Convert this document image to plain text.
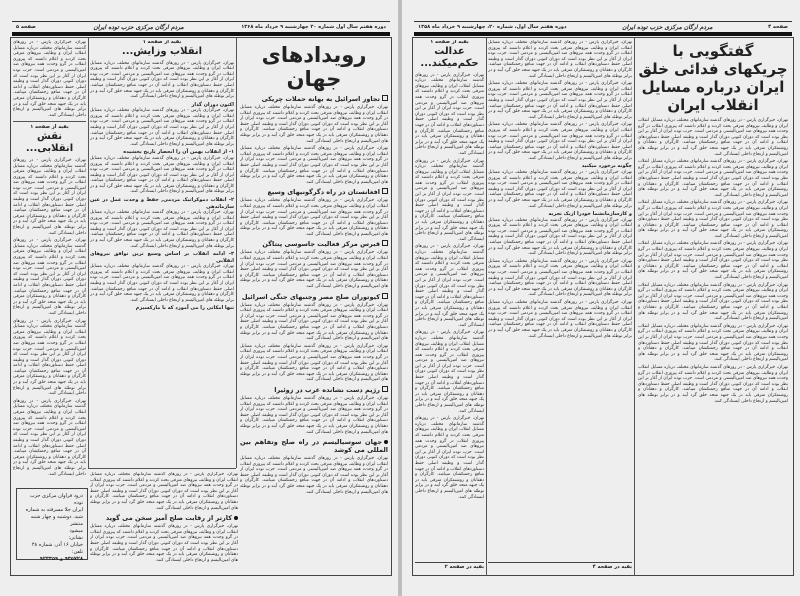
دوره هفتم سال اول شماره ۲۰ چهارشنبه ۹ خرداد ماه ۱۳۶۸
مردم ارگان مرکزی حزب توده ایران
صفحه ۵
رویدادهای جهان
تجاوز اسرائیل به بهانه حملات چریکی

تهران، خبرگزاری پارس - در روزهای گذشته سازمانهای مختلف درباره مسایل انقلاب ایران و وظایف نیروهای مترقی بحث کردند و اعلام داشتند که پیروزی انقلاب در گرو وحدت همه نیروهای ضد امپریالیستی و مردمی است. حزب توده ایران از آغاز بر این نظر بوده است که دوران کنونی دوران گذار است و وظیفه اصلی حفظ دستاوردهای انقلاب و ادامه آن در جهت منافع زحمتکشان میباشد. کارگران و دهقانان و روشنفکران مترقی باید در یک جبهه متحد خلق گرد آیند و در برابر توطئه های امپریالیسم و ارتجاع داخلی ایستادگی کنند.

تهران، خبرگزاری پارس - در روزهای گذشته سازمانهای مختلف درباره مسایل انقلاب ایران و وظایف نیروهای مترقی بحث کردند و اعلام داشتند که پیروزی انقلاب در گرو وحدت همه نیروهای ضد امپریالیستی و مردمی است. حزب توده ایران از آغاز بر این نظر بوده است که دوران کنونی دوران گذار است و وظیفه اصلی حفظ دستاوردهای انقلاب و ادامه آن در جهت منافع زحمتکشان میباشد. کارگران و دهقانان و روشنفکران مترقی باید در یک جبهه متحد خلق گرد آیند و در برابر توطئه های امپریالیسم و ارتجاع داخلی ایستادگی کنند.

افغانستان در راه دگرگونیهای وسیع

تهران، خبرگزاری پارس - در روزهای گذشته سازمانهای مختلف درباره مسایل انقلاب ایران و وظایف نیروهای مترقی بحث کردند و اعلام داشتند که پیروزی انقلاب در گرو وحدت همه نیروهای ضد امپریالیستی و مردمی است. حزب توده ایران از آغاز بر این نظر بوده است که دوران کنونی دوران گذار است و وظیفه اصلی حفظ دستاوردهای انقلاب و ادامه آن در جهت منافع زحمتکشان میباشد. کارگران و دهقانان و روشنفکران مترقی باید در یک جبهه متحد خلق گرد آیند و در برابر توطئه های امپریالیسم و ارتجاع داخلی ایستادگی کنند.

قبرس مرکز فعالیت جاسوسی پنتاگن

تهران، خبرگزاری پارس - در روزهای گذشته سازمانهای مختلف درباره مسایل انقلاب ایران و وظایف نیروهای مترقی بحث کردند و اعلام داشتند که پیروزی انقلاب در گرو وحدت همه نیروهای ضد امپریالیستی و مردمی است. حزب توده ایران از آغاز بر این نظر بوده است که دوران کنونی دوران گذار است و وظیفه اصلی حفظ دستاوردهای انقلاب و ادامه آن در جهت منافع زحمتکشان میباشد. کارگران و دهقانان و روشنفکران مترقی باید در یک جبهه متحد خلق گرد آیند و در برابر توطئه های امپریالیسم و ارتجاع داخلی ایستادگی کنند.

کیوتوران صلح مصر وجنبهای جنگی اسرائیل

تهران، خبرگزاری پارس - در روزهای گذشته سازمانهای مختلف درباره مسایل انقلاب ایران و وظایف نیروهای مترقی بحث کردند و اعلام داشتند که پیروزی انقلاب در گرو وحدت همه نیروهای ضد امپریالیستی و مردمی است. حزب توده ایران از آغاز بر این نظر بوده است که دوران کنونی دوران گذار است و وظیفه اصلی حفظ دستاوردهای انقلاب و ادامه آن در جهت منافع زحمتکشان میباشد. کارگران و دهقانان و روشنفکران مترقی باید در یک جبهه متحد خلق گرد آیند و در برابر توطئه های امپریالیسم و ارتجاع داخلی ایستادگی کنند.

تهران، خبرگزاری پارس - در روزهای گذشته سازمانهای مختلف درباره مسایل انقلاب ایران و وظایف نیروهای مترقی بحث کردند و اعلام داشتند که پیروزی انقلاب در گرو وحدت همه نیروهای ضد امپریالیستی و مردمی است. حزب توده ایران از آغاز بر این نظر بوده است که دوران کنونی دوران گذار است و وظیفه اصلی حفظ دستاوردهای انقلاب و ادامه آن در جهت منافع زحمتکشان میباشد. کارگران و دهقانان و روشنفکران مترقی باید در یک جبهه متحد خلق گرد آیند و در برابر توطئه های امپریالیسم و ارتجاع داخلی ایستادگی کنند.

رژیم دست نشانده غرب در زوئیرا

تهران، خبرگزاری پارس - در روزهای گذشته سازمانهای مختلف درباره مسایل انقلاب ایران و وظایف نیروهای مترقی بحث کردند و اعلام داشتند که پیروزی انقلاب در گرو وحدت همه نیروهای ضد امپریالیستی و مردمی است. حزب توده ایران از آغاز بر این نظر بوده است که دوران کنونی دوران گذار است و وظیفه اصلی حفظ دستاوردهای انقلاب و ادامه آن در جهت منافع زحمتکشان میباشد. کارگران و دهقانان و روشنفکران مترقی باید در یک جبهه متحد خلق گرد آیند و در برابر توطئه های امپریالیسم و ارتجاع داخلی ایستادگی کنند.

جهان سوسیالیسم در راه صلح وتفاهم بین المللی می کوشد

تهران، خبرگزاری پارس - در روزهای گذشته سازمانهای مختلف درباره مسایل انقلاب ایران و وظایف نیروهای مترقی بحث کردند و اعلام داشتند که پیروزی انقلاب در گرو وحدت همه نیروهای ضد امپریالیستی و مردمی است. حزب توده ایران از آغاز بر این نظر بوده است که دوران کنونی دوران گذار است و وظیفه اصلی حفظ دستاوردهای انقلاب و ادامه آن در جهت منافع زحمتکشان میباشد. کارگران و دهقانان و روشنفکران مترقی باید در یک جبهه متحد خلق گرد آیند و در برابر توطئه های امپریالیسم و ارتجاع داخلی ایستادگی کنند.

بقیه از صفحه ۱
انقلاب وزایش...

تهران، خبرگزاری پارس - در روزهای گذشته سازمانهای مختلف درباره مسایل انقلاب ایران و وظایف نیروهای مترقی بحث کردند و اعلام داشتند که پیروزی انقلاب در گرو وحدت همه نیروهای ضد امپریالیستی و مردمی است. حزب توده ایران از آغاز بر این نظر بوده است که دوران کنونی دوران گذار است و وظیفه اصلی حفظ دستاوردهای انقلاب و ادامه آن در جهت منافع زحمتکشان میباشد. کارگران و دهقانان و روشنفکران مترقی باید در یک جبهه متحد خلق گرد آیند و در برابر توطئه های امپریالیسم و ارتجاع داخلی ایستادگی کنند.

اکنون دوران گذار

تهران، خبرگزاری پارس - در روزهای گذشته سازمانهای مختلف درباره مسایل انقلاب ایران و وظایف نیروهای مترقی بحث کردند و اعلام داشتند که پیروزی انقلاب در گرو وحدت همه نیروهای ضد امپریالیستی و مردمی است. حزب توده ایران از آغاز بر این نظر بوده است که دوران کنونی دوران گذار است و وظیفه اصلی حفظ دستاوردهای انقلاب و ادامه آن در جهت منافع زحمتکشان میباشد. کارگران و دهقانان و روشنفکران مترقی باید در یک جبهه متحد خلق گرد آیند و در برابر توطئه های امپریالیسم و ارتجاع داخلی ایستادگی کنند.

۱- از انقلاب بهمن آن را انحصار تاریخ بخشیده

تهران، خبرگزاری پارس - در روزهای گذشته سازمانهای مختلف درباره مسایل انقلاب ایران و وظایف نیروهای مترقی بحث کردند و اعلام داشتند که پیروزی انقلاب در گرو وحدت همه نیروهای ضد امپریالیستی و مردمی است. حزب توده ایران از آغاز بر این نظر بوده است که دوران کنونی دوران گذار است و وظیفه اصلی حفظ دستاوردهای انقلاب و ادامه آن در جهت منافع زحمتکشان میباشد. کارگران و دهقانان و روشنفکران مترقی باید در یک جبهه متحد خلق گرد آیند و در برابر توطئه های امپریالیسم و ارتجاع داخلی ایستادگی کنند.

۲- انقلاب دموکراتیک مردمی, حفظ و وحدت عمل در عین سازماندهی

تهران، خبرگزاری پارس - در روزهای گذشته سازمانهای مختلف درباره مسایل انقلاب ایران و وظایف نیروهای مترقی بحث کردند و اعلام داشتند که پیروزی انقلاب در گرو وحدت همه نیروهای ضد امپریالیستی و مردمی است. حزب توده ایران از آغاز بر این نظر بوده است که دوران کنونی دوران گذار است و وظیفه اصلی حفظ دستاوردهای انقلاب و ادامه آن در جهت منافع زحمتکشان میباشد. کارگران و دهقانان و روشنفکران مترقی باید در یک جبهه متحد خلق گرد آیند و در برابر توطئه های امپریالیسم و ارتجاع داخلی ایستادگی کنند.

۳- ادامه انقلاب بر اساس وسیع ترین توافق نیروهای انقلابی

تهران، خبرگزاری پارس - در روزهای گذشته سازمانهای مختلف درباره مسایل انقلاب ایران و وظایف نیروهای مترقی بحث کردند و اعلام داشتند که پیروزی انقلاب در گرو وحدت همه نیروهای ضد امپریالیستی و مردمی است. حزب توده ایران از آغاز بر این نظر بوده است که دوران کنونی دوران گذار است و وظیفه اصلی حفظ دستاوردهای انقلاب و ادامه آن در جهت منافع زحمتکشان میباشد. کارگران و دهقانان و روشنفکران مترقی باید در یک جبهه متحد خلق گرد آیند و در برابر توطئه های امپریالیسم و ارتجاع داخلی ایستادگی کنند.

تنها امکانی را می آموزد که با مارکسیزم

تهران، خبرگزاری پارس - در روزهای گذشته سازمانهای مختلف درباره مسایل انقلاب ایران و وظایف نیروهای مترقی بحث کردند و اعلام داشتند که پیروزی انقلاب در گرو وحدت همه نیروهای ضد امپریالیستی و مردمی است. حزب توده ایران از آغاز بر این نظر بوده است که دوران کنونی دوران گذار است و وظیفه اصلی حفظ دستاوردهای انقلاب و ادامه آن در جهت منافع زحمتکشان میباشد. کارگران و دهقانان و روشنفکران مترقی باید در یک جبهه متحد خلق گرد آیند و در برابر توطئه های امپریالیسم و ارتجاع داخلی ایستادگی کنند.

کارتر از رقابت صلح آمیز سخن می گوید

تهران، خبرگزاری پارس - در روزهای گذشته سازمانهای مختلف درباره مسایل انقلاب ایران و وظایف نیروهای مترقی بحث کردند و اعلام داشتند که پیروزی انقلاب در گرو وحدت همه نیروهای ضد امپریالیستی و مردمی است. حزب توده ایران از آغاز بر این نظر بوده است که دوران کنونی دوران گذار است و وظیفه اصلی حفظ دستاوردهای انقلاب و ادامه آن در جهت منافع زحمتکشان میباشد. کارگران و دهقانان و روشنفکران مترقی باید در یک جبهه متحد خلق گرد آیند و در برابر توطئه های امپریالیسم و ارتجاع داخلی ایستادگی کنند.

تهران، خبرگزاری پارس - در روزهای گذشته سازمانهای مختلف درباره مسایل انقلاب ایران و وظایف نیروهای مترقی بحث کردند و اعلام داشتند که پیروزی انقلاب در گرو وحدت همه نیروهای ضد امپریالیستی و مردمی است. حزب توده ایران از آغاز بر این نظر بوده است که دوران کنونی دوران گذار است و وظیفه اصلی حفظ دستاوردهای انقلاب و ادامه آن در جهت منافع زحمتکشان میباشد. کارگران و دهقانان و روشنفکران مترقی باید در یک جبهه متحد خلق گرد آیند و در برابر توطئه های امپریالیسم و ارتجاع داخلی ایستادگی کنند.

بقیه از صفحه ۱
نقش انقلابی...

تهران، خبرگزاری پارس - در روزهای گذشته سازمانهای مختلف درباره مسایل انقلاب ایران و وظایف نیروهای مترقی بحث کردند و اعلام داشتند که پیروزی انقلاب در گرو وحدت همه نیروهای ضد امپریالیستی و مردمی است. حزب توده ایران از آغاز بر این نظر بوده است که دوران کنونی دوران گذار است و وظیفه اصلی حفظ دستاوردهای انقلاب و ادامه آن در جهت منافع زحمتکشان میباشد. کارگران و دهقانان و روشنفکران مترقی باید در یک جبهه متحد خلق گرد آیند و در برابر توطئه های امپریالیسم و ارتجاع داخلی ایستادگی کنند.

تهران، خبرگزاری پارس - در روزهای گذشته سازمانهای مختلف درباره مسایل انقلاب ایران و وظایف نیروهای مترقی بحث کردند و اعلام داشتند که پیروزی انقلاب در گرو وحدت همه نیروهای ضد امپریالیستی و مردمی است. حزب توده ایران از آغاز بر این نظر بوده است که دوران کنونی دوران گذار است و وظیفه اصلی حفظ دستاوردهای انقلاب و ادامه آن در جهت منافع زحمتکشان میباشد. کارگران و دهقانان و روشنفکران مترقی باید در یک جبهه متحد خلق گرد آیند و در برابر توطئه های امپریالیسم و ارتجاع داخلی ایستادگی کنند.

تهران، خبرگزاری پارس - در روزهای گذشته سازمانهای مختلف درباره مسایل انقلاب ایران و وظایف نیروهای مترقی بحث کردند و اعلام داشتند که پیروزی انقلاب در گرو وحدت همه نیروهای ضد امپریالیستی و مردمی است. حزب توده ایران از آغاز بر این نظر بوده است که دوران کنونی دوران گذار است و وظیفه اصلی حفظ دستاوردهای انقلاب و ادامه آن در جهت منافع زحمتکشان میباشد. کارگران و دهقانان و روشنفکران مترقی باید در یک جبهه متحد خلق گرد آیند و در برابر توطئه های امپریالیسم و ارتجاع داخلی ایستادگی کنند.

تهران، خبرگزاری پارس - در روزهای گذشته سازمانهای مختلف درباره مسایل انقلاب ایران و وظایف نیروهای مترقی بحث کردند و اعلام داشتند که پیروزی انقلاب در گرو وحدت همه نیروهای ضد امپریالیستی و مردمی است. حزب توده ایران از آغاز بر این نظر بوده است که دوران کنونی دوران گذار است و وظیفه اصلی حفظ دستاوردهای انقلاب و ادامه آن در جهت منافع زحمتکشان میباشد. کارگران و دهقانان و روشنفکران مترقی باید در یک جبهه متحد خلق گرد آیند و در برابر توطئه های امپریالیسم و ارتجاع داخلی ایستادگی کنند.

درود فراوان مرکزی حزب توده
ایران جلا مسرفته به شماره
شید. دوشنبه و چهار شنبه منتشر
میشود
نشانی:
خیابان ۱۶ آذر، شماره ۴۸
تلفن:
۹۳۵۷۲۸ و ۹۲۳۳۵۹
صفحه ۴
مردم ارگان مرکزی حزب توده ایران
دوره هفتم سال اول، شماره ۲۰، چهارشنبه ۹ خرداد ماه ۱۳۵۸
گفتگویی با چریکهای فدائی خلق
ایران درباره مسایل انقلاب ایران

تهران، خبرگزاری پارس - در روزهای گذشته سازمانهای مختلف درباره مسایل انقلاب ایران و وظایف نیروهای مترقی بحث کردند و اعلام داشتند که پیروزی انقلاب در گرو وحدت همه نیروهای ضد امپریالیستی و مردمی است. حزب توده ایران از آغاز بر این نظر بوده است که دوران کنونی دوران گذار است و وظیفه اصلی حفظ دستاوردهای انقلاب و ادامه آن در جهت منافع زحمتکشان میباشد. کارگران و دهقانان و روشنفکران مترقی باید در یک جبهه متحد خلق گرد آیند و در برابر توطئه های امپریالیسم و ارتجاع داخلی ایستادگی کنند.

تهران، خبرگزاری پارس - در روزهای گذشته سازمانهای مختلف درباره مسایل انقلاب ایران و وظایف نیروهای مترقی بحث کردند و اعلام داشتند که پیروزی انقلاب در گرو وحدت همه نیروهای ضد امپریالیستی و مردمی است. حزب توده ایران از آغاز بر این نظر بوده است که دوران کنونی دوران گذار است و وظیفه اصلی حفظ دستاوردهای انقلاب و ادامه آن در جهت منافع زحمتکشان میباشد. کارگران و دهقانان و روشنفکران مترقی باید در یک جبهه متحد خلق گرد آیند و در برابر توطئه های امپریالیسم و ارتجاع داخلی ایستادگی کنند.

تهران، خبرگزاری پارس - در روزهای گذشته سازمانهای مختلف درباره مسایل انقلاب ایران و وظایف نیروهای مترقی بحث کردند و اعلام داشتند که پیروزی انقلاب در گرو وحدت همه نیروهای ضد امپریالیستی و مردمی است. حزب توده ایران از آغاز بر این نظر بوده است که دوران کنونی دوران گذار است و وظیفه اصلی حفظ دستاوردهای انقلاب و ادامه آن در جهت منافع زحمتکشان میباشد. کارگران و دهقانان و روشنفکران مترقی باید در یک جبهه متحد خلق گرد آیند و در برابر توطئه های امپریالیسم و ارتجاع داخلی ایستادگی کنند.

تهران، خبرگزاری پارس - در روزهای گذشته سازمانهای مختلف درباره مسایل انقلاب ایران و وظایف نیروهای مترقی بحث کردند و اعلام داشتند که پیروزی انقلاب در گرو وحدت همه نیروهای ضد امپریالیستی و مردمی است. حزب توده ایران از آغاز بر این نظر بوده است که دوران کنونی دوران گذار است و وظیفه اصلی حفظ دستاوردهای انقلاب و ادامه آن در جهت منافع زحمتکشان میباشد. کارگران و دهقانان و روشنفکران مترقی باید در یک جبهه متحد خلق گرد آیند و در برابر توطئه های امپریالیسم و ارتجاع داخلی ایستادگی کنند.

تهران، خبرگزاری پارس - در روزهای گذشته سازمانهای مختلف درباره مسایل انقلاب ایران و وظایف نیروهای مترقی بحث کردند و اعلام داشتند که پیروزی انقلاب در گرو وحدت همه نیروهای ضد امپریالیستی و مردمی است. حزب توده ایران از آغاز بر این نظر بوده است که دوران کنونی دوران گذار است و وظیفه اصلی حفظ دستاوردهای انقلاب و ادامه آن در جهت منافع زحمتکشان میباشد. کارگران و دهقانان و روشنفکران مترقی باید در یک جبهه متحد خلق گرد آیند و در برابر توطئه های امپریالیسم و ارتجاع داخلی ایستادگی کنند.

تهران، خبرگزاری پارس - در روزهای گذشته سازمانهای مختلف درباره مسایل انقلاب ایران و وظایف نیروهای مترقی بحث کردند و اعلام داشتند که پیروزی انقلاب در گرو وحدت همه نیروهای ضد امپریالیستی و مردمی است. حزب توده ایران از آغاز بر این نظر بوده است که دوران کنونی دوران گذار است و وظیفه اصلی حفظ دستاوردهای انقلاب و ادامه آن در جهت منافع زحمتکشان میباشد. کارگران و دهقانان و روشنفکران مترقی باید در یک جبهه متحد خلق گرد آیند و در برابر توطئه های امپریالیسم و ارتجاع داخلی ایستادگی کنند.

تهران، خبرگزاری پارس - در روزهای گذشته سازمانهای مختلف درباره مسایل انقلاب ایران و وظایف نیروهای مترقی بحث کردند و اعلام داشتند که پیروزی انقلاب در گرو وحدت همه نیروهای ضد امپریالیستی و مردمی است. حزب توده ایران از آغاز بر این نظر بوده است که دوران کنونی دوران گذار است و وظیفه اصلی حفظ دستاوردهای انقلاب و ادامه آن در جهت منافع زحمتکشان میباشد. کارگران و دهقانان و روشنفکران مترقی باید در یک جبهه متحد خلق گرد آیند و در برابر توطئه های امپریالیسم و ارتجاع داخلی ایستادگی کنند.

تهران، خبرگزاری پارس - در روزهای گذشته سازمانهای مختلف درباره مسایل انقلاب ایران و وظایف نیروهای مترقی بحث کردند و اعلام داشتند که پیروزی انقلاب در گرو وحدت همه نیروهای ضد امپریالیستی و مردمی است. حزب توده ایران از آغاز بر این نظر بوده است که دوران کنونی دوران گذار است و وظیفه اصلی حفظ دستاوردهای انقلاب و ادامه آن در جهت منافع زحمتکشان میباشد. کارگران و دهقانان و روشنفکران مترقی باید در یک جبهه متحد خلق گرد آیند و در برابر توطئه های امپریالیسم و ارتجاع داخلی ایستادگی کنند.

تهران، خبرگزاری پارس - در روزهای گذشته سازمانهای مختلف درباره مسایل انقلاب ایران و وظایف نیروهای مترقی بحث کردند و اعلام داشتند که پیروزی انقلاب در گرو وحدت همه نیروهای ضد امپریالیستی و مردمی است. حزب توده ایران از آغاز بر این نظر بوده است که دوران کنونی دوران گذار است و وظیفه اصلی حفظ دستاوردهای انقلاب و ادامه آن در جهت منافع زحمتکشان میباشد. کارگران و دهقانان و روشنفکران مترقی باید در یک جبهه متحد خلق گرد آیند و در برابر توطئه های امپریالیسم و ارتجاع داخلی ایستادگی کنند.

تهران، خبرگزاری پارس - در روزهای گذشته سازمانهای مختلف درباره مسایل انقلاب ایران و وظایف نیروهای مترقی بحث کردند و اعلام داشتند که پیروزی انقلاب در گرو وحدت همه نیروهای ضد امپریالیستی و مردمی است. حزب توده ایران از آغاز بر این نظر بوده است که دوران کنونی دوران گذار است و وظیفه اصلی حفظ دستاوردهای انقلاب و ادامه آن در جهت منافع زحمتکشان میباشد. کارگران و دهقانان و روشنفکران مترقی باید در یک جبهه متحد خلق گرد آیند و در برابر توطئه های امپریالیسم و ارتجاع داخلی ایستادگی کنند.

چگونه برخورد میکنید

تهران، خبرگزاری پارس - در روزهای گذشته سازمانهای مختلف درباره مسایل انقلاب ایران و وظایف نیروهای مترقی بحث کردند و اعلام داشتند که پیروزی انقلاب در گرو وحدت همه نیروهای ضد امپریالیستی و مردمی است. حزب توده ایران از آغاز بر این نظر بوده است که دوران کنونی دوران گذار است و وظیفه اصلی حفظ دستاوردهای انقلاب و ادامه آن در جهت منافع زحمتکشان میباشد. کارگران و دهقانان و روشنفکران مترقی باید در یک جبهه متحد خلق گرد آیند و در برابر توطئه های امپریالیسم و ارتجاع داخلی ایستادگی کنند.

و کارسازمانشما خودرا ازیک تجربه

تهران، خبرگزاری پارس - در روزهای گذشته سازمانهای مختلف درباره مسایل انقلاب ایران و وظایف نیروهای مترقی بحث کردند و اعلام داشتند که پیروزی انقلاب در گرو وحدت همه نیروهای ضد امپریالیستی و مردمی است. حزب توده ایران از آغاز بر این نظر بوده است که دوران کنونی دوران گذار است و وظیفه اصلی حفظ دستاوردهای انقلاب و ادامه آن در جهت منافع زحمتکشان میباشد. کارگران و دهقانان و روشنفکران مترقی باید در یک جبهه متحد خلق گرد آیند و در برابر توطئه های امپریالیسم و ارتجاع داخلی ایستادگی کنند.

تهران، خبرگزاری پارس - در روزهای گذشته سازمانهای مختلف درباره مسایل انقلاب ایران و وظایف نیروهای مترقی بحث کردند و اعلام داشتند که پیروزی انقلاب در گرو وحدت همه نیروهای ضد امپریالیستی و مردمی است. حزب توده ایران از آغاز بر این نظر بوده است که دوران کنونی دوران گذار است و وظیفه اصلی حفظ دستاوردهای انقلاب و ادامه آن در جهت منافع زحمتکشان میباشد. کارگران و دهقانان و روشنفکران مترقی باید در یک جبهه متحد خلق گرد آیند و در برابر توطئه های امپریالیسم و ارتجاع داخلی ایستادگی کنند.

تهران، خبرگزاری پارس - در روزهای گذشته سازمانهای مختلف درباره مسایل انقلاب ایران و وظایف نیروهای مترقی بحث کردند و اعلام داشتند که پیروزی انقلاب در گرو وحدت همه نیروهای ضد امپریالیستی و مردمی است. حزب توده ایران از آغاز بر این نظر بوده است که دوران کنونی دوران گذار است و وظیفه اصلی حفظ دستاوردهای انقلاب و ادامه آن در جهت منافع زحمتکشان میباشد. کارگران و دهقانان و روشنفکران مترقی باید در یک جبهه متحد خلق گرد آیند و در برابر توطئه های امپریالیسم و ارتجاع داخلی ایستادگی کنند.

بقیه در صفحه ۴
بقیه از صفحه ۱
عدالت حکم‌میکند...

تهران، خبرگزاری پارس - در روزهای گذشته سازمانهای مختلف درباره مسایل انقلاب ایران و وظایف نیروهای مترقی بحث کردند و اعلام داشتند که پیروزی انقلاب در گرو وحدت همه نیروهای ضد امپریالیستی و مردمی است. حزب توده ایران از آغاز بر این نظر بوده است که دوران کنونی دوران گذار است و وظیفه اصلی حفظ دستاوردهای انقلاب و ادامه آن در جهت منافع زحمتکشان میباشد. کارگران و دهقانان و روشنفکران مترقی باید در یک جبهه متحد خلق گرد آیند و در برابر توطئه های امپریالیسم و ارتجاع داخلی ایستادگی کنند.

تهران، خبرگزاری پارس - در روزهای گذشته سازمانهای مختلف درباره مسایل انقلاب ایران و وظایف نیروهای مترقی بحث کردند و اعلام داشتند که پیروزی انقلاب در گرو وحدت همه نیروهای ضد امپریالیستی و مردمی است. حزب توده ایران از آغاز بر این نظر بوده است که دوران کنونی دوران گذار است و وظیفه اصلی حفظ دستاوردهای انقلاب و ادامه آن در جهت منافع زحمتکشان میباشد. کارگران و دهقانان و روشنفکران مترقی باید در یک جبهه متحد خلق گرد آیند و در برابر توطئه های امپریالیسم و ارتجاع داخلی ایستادگی کنند.

تهران، خبرگزاری پارس - در روزهای گذشته سازمانهای مختلف درباره مسایل انقلاب ایران و وظایف نیروهای مترقی بحث کردند و اعلام داشتند که پیروزی انقلاب در گرو وحدت همه نیروهای ضد امپریالیستی و مردمی است. حزب توده ایران از آغاز بر این نظر بوده است که دوران کنونی دوران گذار است و وظیفه اصلی حفظ دستاوردهای انقلاب و ادامه آن در جهت منافع زحمتکشان میباشد. کارگران و دهقانان و روشنفکران مترقی باید در یک جبهه متحد خلق گرد آیند و در برابر توطئه های امپریالیسم و ارتجاع داخلی ایستادگی کنند.

تهران، خبرگزاری پارس - در روزهای گذشته سازمانهای مختلف درباره مسایل انقلاب ایران و وظایف نیروهای مترقی بحث کردند و اعلام داشتند که پیروزی انقلاب در گرو وحدت همه نیروهای ضد امپریالیستی و مردمی است. حزب توده ایران از آغاز بر این نظر بوده است که دوران کنونی دوران گذار است و وظیفه اصلی حفظ دستاوردهای انقلاب و ادامه آن در جهت منافع زحمتکشان میباشد. کارگران و دهقانان و روشنفکران مترقی باید در یک جبهه متحد خلق گرد آیند و در برابر توطئه های امپریالیسم و ارتجاع داخلی ایستادگی کنند.

تهران، خبرگزاری پارس - در روزهای گذشته سازمانهای مختلف درباره مسایل انقلاب ایران و وظایف نیروهای مترقی بحث کردند و اعلام داشتند که پیروزی انقلاب در گرو وحدت همه نیروهای ضد امپریالیستی و مردمی است. حزب توده ایران از آغاز بر این نظر بوده است که دوران کنونی دوران گذار است و وظیفه اصلی حفظ دستاوردهای انقلاب و ادامه آن در جهت منافع زحمتکشان میباشد. کارگران و دهقانان و روشنفکران مترقی باید در یک جبهه متحد خلق گرد آیند و در برابر توطئه های امپریالیسم و ارتجاع داخلی ایستادگی کنند.

بقیه در صفحه ۲
